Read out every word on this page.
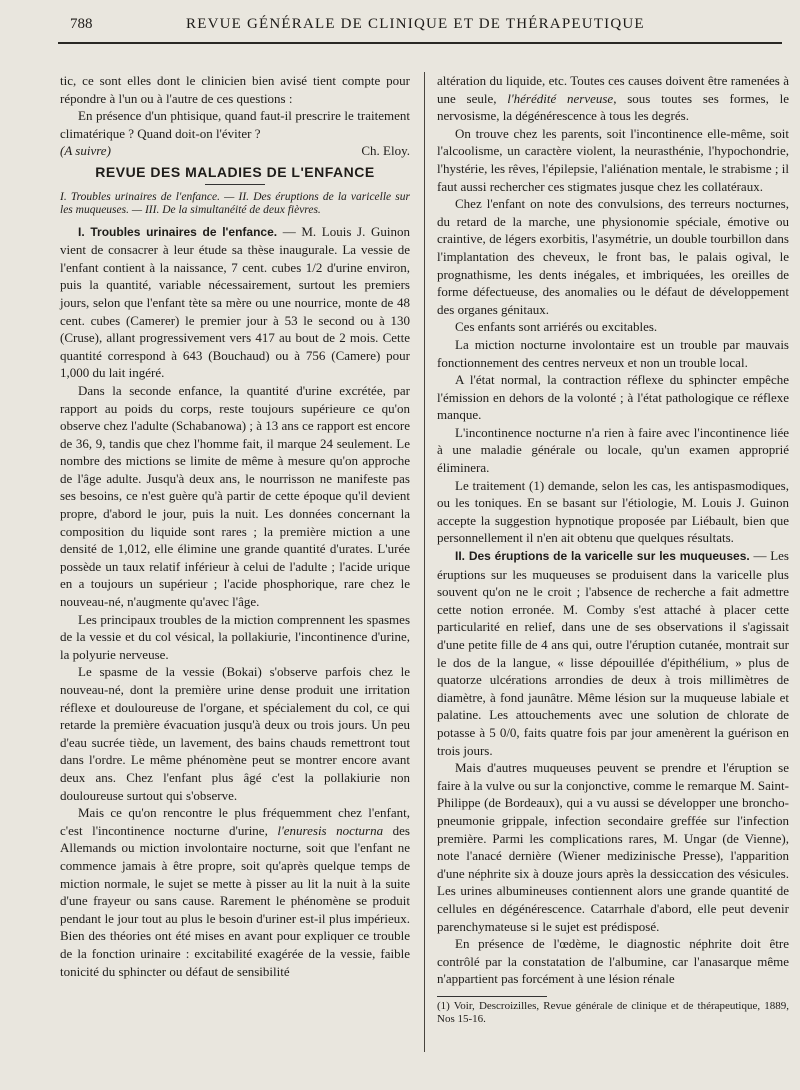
788	REVUE GÉNÉRALE DE CLINIQUE ET DE THÉRAPEUTIQUE

tic, ce sont elles dont le clinicien bien avisé tient compte pour répondre à l'un ou à l'autre de ces questions :

En présence d'un phtisique, quand faut-il prescrire le traitement climatérique ? Quand doit-on l'éviter ?

(A suivre)	Ch. Eloy.
REVUE DES MALADIES DE L'ENFANCE

I. Troubles urinaires de l'enfance. — II. Des éruptions de la varicelle sur les muqueuses. — III. De la simultanéité de deux fièvres.

I. Troubles urinaires de l'enfance. — M. Louis J. Guinon vient de consacrer à leur étude sa thèse inaugurale. La vessie de l'enfant contient à la naissance, 7 cent. cubes 1/2 d'urine environ, puis la quantité, variable nécessairement, surtout les premiers jours, selon que l'enfant tète sa mère ou une nourrice, monte de 48 cent. cubes (Camerer) le premier jour à 53 le second ou à 130 (Cruse), allant progressivement vers 417 au bout de 2 mois. Cette quantité correspond à 643 (Bouchaud) ou à 756 (Camere) pour 1,000 du lait ingéré.

Dans la seconde enfance, la quantité d'urine excrétée, par rapport au poids du corps, reste toujours supérieure ce qu'on observe chez l'adulte (Schabanowa) ; à 13 ans ce rapport est encore de 36, 9, tandis que chez l'homme fait, il marque 24 seulement. Le nombre des mictions se limite de même à mesure qu'on approche de l'âge adulte. Jusqu'à deux ans, le nourrisson ne manifeste pas ses besoins, ce n'est guère qu'à partir de cette époque qu'il devient propre, d'abord le jour, puis la nuit. Les données concernant la composition du liquide sont rares ; la première miction a une densité de 1,012, elle élimine une grande quantité d'urates. L'urée possède un taux relatif inférieur à celui de l'adulte ; l'acide urique en a toujours un supérieur ; l'acide phosphorique, rare chez le nouveau-né, n'augmente qu'avec l'âge.

Les principaux troubles de la miction comprennent les spasmes de la vessie et du col vésical, la pollakiurie, l'incontinence d'urine, la polyurie nerveuse.

Le spasme de la vessie (Bokai) s'observe parfois chez le nouveau-né, dont la première urine dense produit une irritation réflexe et douloureuse de l'organe, et spécialement du col, ce qui retarde la première évacuation jusqu'à deux ou trois jours. Un peu d'eau sucrée tiède, un lavement, des bains chauds remettront tout dans l'ordre. Le même phénomène peut se montrer encore avant deux ans. Chez l'enfant plus âgé c'est la pollakiurie non douloureuse surtout qui s'observe.

Mais ce qu'on rencontre le plus fréquemment chez l'enfant, c'est l'incontinence nocturne d'urine, l'enuresis nocturna des Allemands ou miction involontaire nocturne, soit que l'enfant ne commence jamais à être propre, soit qu'après quelque temps de miction normale, le sujet se mette à pisser au lit la nuit à la suite d'une frayeur ou sans cause. Rarement le phénomène se produit pendant le jour tout au plus le besoin d'uriner est-il plus impérieux. Bien des théories ont été mises en avant pour expliquer ce trouble de la fonction urinaire : excitabilité exagérée de la vessie, faible tonicité du sphincter ou défaut de sensibilité

altération du liquide, etc. Toutes ces causes doivent être ramenées à une seule, l'hérédité nerveuse, sous toutes ses formes, le nervosisme, la dégénérescence à tous les degrés.

On trouve chez les parents, soit l'incontinence elle-même, soit l'alcoolisme, un caractère violent, la neurasthénie, l'hypochondrie, l'hystérie, les rêves, l'épilepsie, l'aliénation mentale, le strabisme ; il faut aussi rechercher ces stigmates jusque chez les collatéraux.

Chez l'enfant on note des convulsions, des terreurs nocturnes, du retard de la marche, une physionomie spéciale, émotive ou craintive, de légers exorbitis, l'asymétrie, un double tourbillon dans l'implantation des cheveux, le front bas, le palais ogival, le prognathisme, les dents inégales, et imbriquées, les oreilles de forme défectueuse, des anomalies ou le défaut de développement des organes génitaux.

Ces enfants sont arriérés ou excitables.

La miction nocturne involontaire est un trouble par mauvais fonctionnement des centres nerveux et non un trouble local.

A l'état normal, la contraction réflexe du sphincter empêche l'émission en dehors de la volonté ; à l'état pathologique ce réflexe manque.

L'incontinence nocturne n'a rien à faire avec l'incontinence liée à une maladie générale ou locale, qu'un examen approprié éliminera.

Le traitement (1) demande, selon les cas, les antispasmodiques, ou les toniques. En se basant sur l'étiologie, M. Louis J. Guinon accepte la suggestion hypnotique proposée par Liébault, bien que personnellement il n'en ait obtenu que quelques résultats.

II. Des éruptions de la varicelle sur les muqueuses. — Les éruptions sur les muqueuses se produisent dans la varicelle plus souvent qu'on ne le croit ; l'absence de recherche a fait admettre cette notion erronée. M. Comby s'est attaché à placer cette particularité en relief, dans une de ses observations il s'agissait d'une petite fille de 4 ans qui, outre l'éruption cutanée, montrait sur le dos de la langue, « lisse dépouillée d'épithélium, » plus de quatorze ulcérations arrondies de deux à trois millimètres de diamètre, à fond jaunâtre. Même lésion sur la muqueuse labiale et palatine. Les attouchements avec une solution de chlorate de potasse à 5 0/0, faits quatre fois par jour amenèrent la guérison en trois jours.

Mais d'autres muqueuses peuvent se prendre et l'éruption se faire à la vulve ou sur la conjonctive, comme le remarque M. Saint-Philippe (de Bordeaux), qui a vu aussi se développer une broncho-pneumonie grippale, infection secondaire greffée sur l'infection première. Parmi les complications rares, M. Ungar (de Vienne), note l'anacé dernière (Wiener medizinische Presse), l'apparition d'une néphrite six à douze jours après la dessiccation des vésicules. Les urines albumineuses contiennent alors une grande quantité de cellules en dégénérescence. Catarrhale d'abord, elle peut devenir parenchymateuse si le sujet est prédisposé.

En présence de l'œdème, le diagnostic néphrite doit être contrôlé par la constatation de l'albumine, car l'anasarque même n'appartient pas forcément à une lésion rénale

(1) Voir, Descroizilles, Revue générale de clinique et de thérapeutique, 1889, Nos 15-16.
